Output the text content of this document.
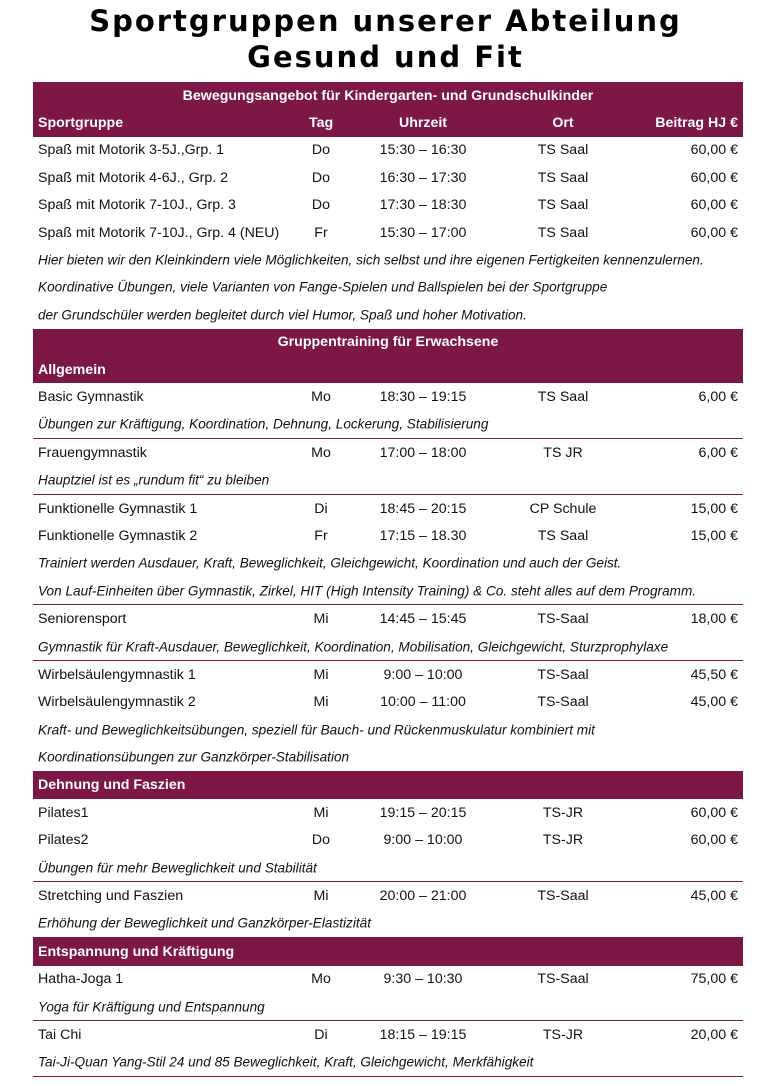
Sportgruppen unserer Abteilung
Gesund und Fit
Bewegungsangebot für Kindergarten- und Grundschulkinder
Sportgruppe	Tag	Uhrzeit	Ort	Beitrag HJ €
Spaß mit Motorik 3-5J.,Grp. 1	Do	15:30 – 16:30	TS Saal	60,00 €
Spaß mit Motorik 4-6J., Grp. 2	Do	16:30 – 17:30	TS Saal	60,00 €
Spaß mit Motorik 7-10J., Grp. 3	Do	17:30 – 18:30	TS Saal	60,00 €
Spaß mit Motorik 7-10J., Grp. 4 (NEU)	Fr	15:30 – 17:00	TS Saal	60,00 €
Hier bieten wir den Kleinkindern viele Möglichkeiten, sich selbst und ihre eigenen Fertigkeiten kennenzulernen.
Koordinative Übungen, viele Varianten von Fange-Spielen und Ballspielen bei der Sportgruppe
der Grundschüler werden begleitet durch viel Humor, Spaß und hoher Motivation.
Gruppentraining für Erwachsene
Allgemein
Basic Gymnastik	Mo	18:30 – 19:15	TS Saal	6,00 €
Übungen zur Kräftigung, Koordination, Dehnung, Lockerung, Stabilisierung
Frauengymnastik	Mo	17:00 – 18:00	TS JR	6,00 €
Hauptziel ist es „rundum fit“ zu bleiben
Funktionelle Gymnastik 1	Di	18:45 – 20:15	CP Schule	15,00 €
Funktionelle Gymnastik 2	Fr	17:15 – 18.30	TS Saal	15,00 €
Trainiert werden Ausdauer, Kraft, Beweglichkeit, Gleichgewicht, Koordination und auch der Geist.
Von Lauf-Einheiten über Gymnastik, Zirkel, HIT (High Intensity Training) & Co. steht alles auf dem Programm.
Seniorensport	Mi	14:45 – 15:45	TS-Saal	18,00 €
Gymnastik für Kraft-Ausdauer, Beweglichkeit, Koordination, Mobilisation, Gleichgewicht, Sturzprophylaxe
Wirbelsäulengymnastik 1	Mi	9:00 – 10:00	TS-Saal	45,50 €
Wirbelsäulengymnastik 2	Mi	10:00 – 11:00	TS-Saal	45,00 €
Kraft- und Beweglichkeitsübungen, speziell für Bauch- und Rückenmuskulatur kombiniert mit
Koordinationsübungen zur Ganzkörper-Stabilisation
Dehnung und Faszien
Pilates1	Mi	19:15 – 20:15	TS-JR	60,00 €
Pilates2	Do	9:00 – 10:00	TS-JR	60,00 €
Übungen für mehr Beweglichkeit und Stabilität
Stretching und Faszien	Mi	20:00 – 21:00	TS-Saal	45,00 €
Erhöhung der Beweglichkeit und Ganzkörper-Elastizität
Entspannung und Kräftigung
Hatha-Joga 1	Mo	9:30 – 10:30	TS-Saal	75,00 €
Yoga für Kräftigung und Entspannung
Tai Chi	Di	18:15 – 19:15	TS-JR	20,00 €
Tai-Ji-Quan Yang-Stil 24 und 85 Beweglichkeit, Kraft, Gleichgewicht, Merkfähigkeit
